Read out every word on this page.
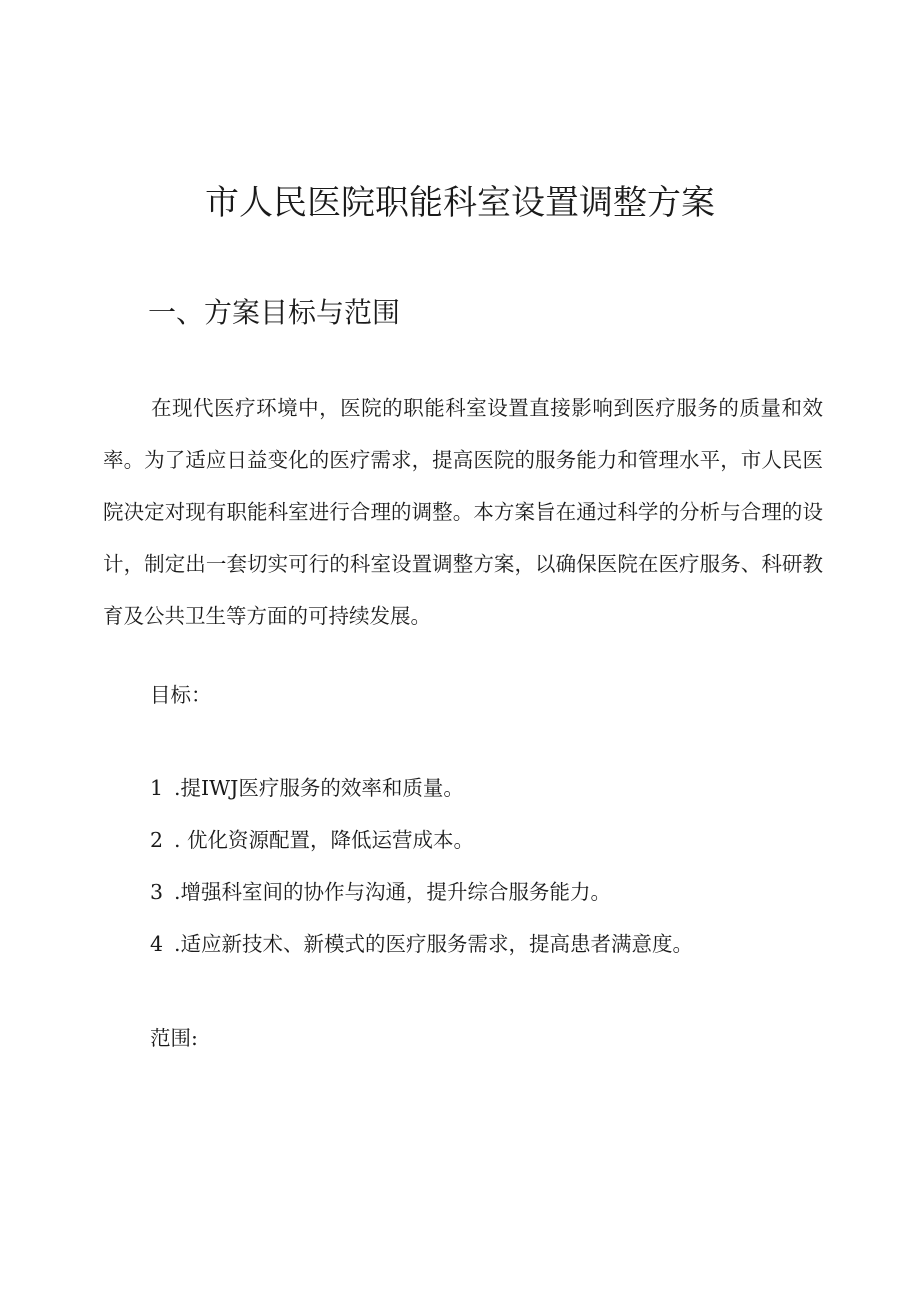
市人民医院职能科室设置调整方案
一、方案目标与范围

在现代医疗环境中，医院的职能科室设置直接影响到医疗服务的质量和效率。为了适应日益变化的医疗需求，提高医院的服务能力和管理水平，市人民医院决定对现有职能科室进行合理的调整。本方案旨在通过科学的分析与合理的设计，制定出一套切实可行的科室设置调整方案，以确保医院在医疗服务、科研教育及公共卫生等方面的可持续发展。

目标：

1 .提IWJ医疗服务的效率和质量。
2 . 优化资源配置，降低运营成本。
3 .增强科室间的协作与沟通，提升综合服务能力。
4 .适应新技术、新模式的医疗服务需求，提高患者满意度。

范围:
